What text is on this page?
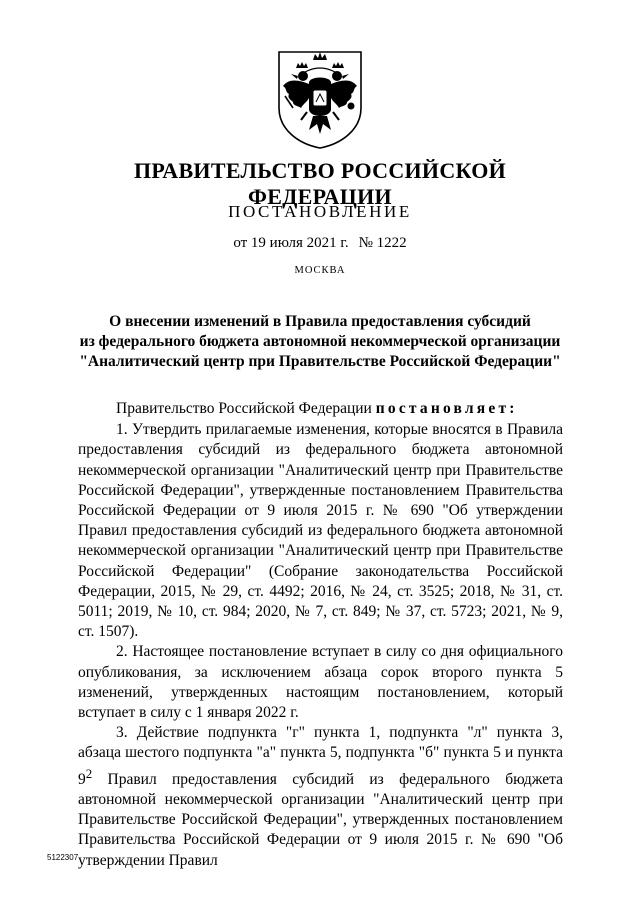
ПРАВИТЕЛЬСТВО РОССИЙСКОЙ ФЕДЕРАЦИИ
ПОСТАНОВЛЕНИЕ
от 19 июля 2021 г. № 1222
МОСКВА
О внесении изменений в Правила предоставления субсидий
из федерального бюджета автономной некоммерческой организации
"Аналитический центр при Правительстве Российской Федерации"

Правительство Российской Федерации постановляет:

1. Утвердить прилагаемые изменения, которые вносятся в Правила предоставления субсидий из федерального бюджета автономной некоммерческой организации "Аналитический центр при Правительстве Российской Федерации", утвержденные постановлением Правительства Российской Федерации от 9 июля 2015 г. № 690 "Об утверждении Правил предоставления субсидий из федерального бюджета автономной некоммерческой организации "Аналитический центр при Правительстве Российской Федерации" (Собрание законодательства Российской Федерации, 2015, № 29, ст. 4492; 2016, № 24, ст. 3525; 2018, № 31, ст. 5011; 2019, № 10, ст. 984; 2020, № 7, ст. 849; № 37, ст. 5723; 2021, № 9, ст. 1507).

2. Настоящее постановление вступает в силу со дня официального опубликования, за исключением абзаца сорок второго пункта 5 изменений, утвержденных настоящим постановлением, который вступает в силу с 1 января 2022 г.

3. Действие подпункта "г" пункта 1, подпункта "л" пункта 3, абзаца шестого подпункта "а" пункта 5, подпункта "б" пункта 5 и пункта $9^2$ Правил предоставления субсидий из федерального бюджета автономной некоммерческой организации "Аналитический центр при Правительстве Российской Федерации", утвержденных постановлением Правительства Российской Федерации от 9 июля 2015 г. № 690 "Об утверждении Правил

5122307
